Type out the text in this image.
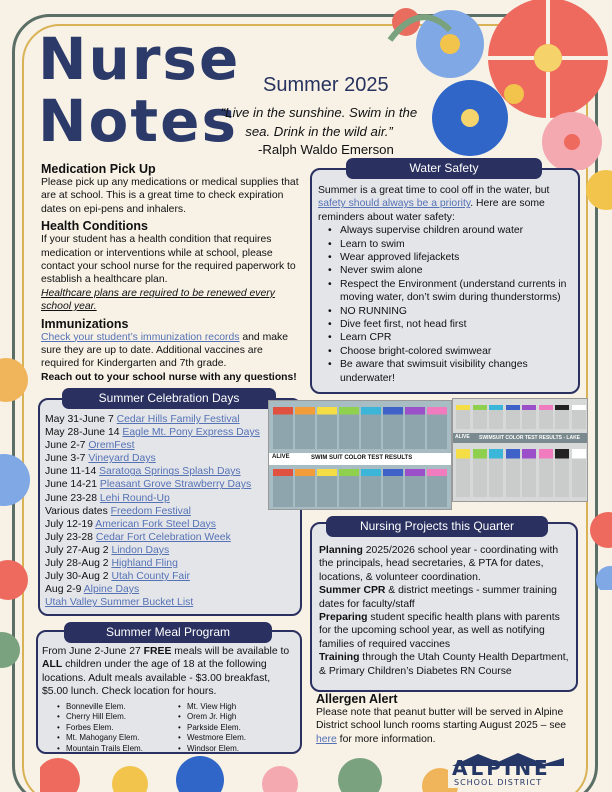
Nurse
Notes
Summer 2025
“Live in the sunshine. Swim in the sea. Drink in the wild air.”
-Ralph Waldo Emerson
Medication Pick Up

Please pick up any medications or medical supplies that are at school. This is a great time to check expiration dates on epi-pens and inhalers.

Health Conditions

If your student has a health condition that requires medication or interventions while at school, please contact your school nurse for the required paperwork to establish a healthcare plan.

Healthcare plans are required to be renewed every school year.

Immunizations

Check your student’s immunization records and make sure they are up to date. Additional vaccines are required for Kindergarten and 7th grade.

Reach out to your school nurse with any questions!

Summer is a great time to cool off in the water, but safety should always be a priority. Here are some reminders about water safety:

• Always supervise children around water
• Learn to swim
• Wear approved lifejackets
• Never swim alone
• Respect the Environment (understand currents in moving water, don’t swim during thunderstorms)
• NO RUNNING
• Dive feet first, not head first
• Learn CPR
• Choose bright-colored swimwear
• Be aware that swimsuit visibility changes underwater!
Water Safety
May 31-June 7 Cedar Hills Family Festival
May 28-June 14 Eagle Mt. Pony Express Days
June 2-7 OremFest
June 3-7 Vineyard Days
June 11-14 Saratoga Springs Splash Days
June 14-21 Pleasant Grove Strawberry Days
June 23-28 Lehi Round-Up
Various dates Freedom Festival
July 12-19 American Fork Steel Days
July 23-28 Cedar Fort Celebration Week
July 27-Aug 2 Lindon Days
July 28-Aug 2 Highland Fling
July 30-Aug 2 Utah County Fair
Aug 2-9 Alpine Days
Utah Valley Summer Bucket List
Summer Celebration Days
ALIVE	SWIM SUIT COLOR TEST RESULTS
ALIVE SWIMSUIT COLOR TEST RESULTS - LAKE

Planning 2025/2026 school year - coordinating with the principals, head secretaries, & PTA for dates, locations, & volunteer coordination.

Summer CPR & district meetings - summer training dates for faculty/staff

Preparing student specific health plans with parents for the upcoming school year, as well as notifying families of required vaccines

Training through the Utah County Health Department, & Primary Children’s Diabetes RN Course

Nursing Projects this Quarter

From June 2-June 27 FREE meals will be available to ALL children under the age of 18 at the following locations. Adult meals available - $3.00 breakfast, $5.00 lunch. Check location for hours.

• Bonneville Elem.
• Cherry Hill Elem.
• Forbes Elem.
• Mt. Mahogany Elem.
• Mountain Trails Elem.
• Mt. View High
• Orem Jr. High
• Parkside Elem.
• Westmore Elem.
• Windsor Elem.
Summer Meal Program
Allergen Alert

Please note that peanut butter will be served in Alpine District school lunch rooms starting August 2025 – see here for more information.

ALPINE
SCHOOL DISTRICT
